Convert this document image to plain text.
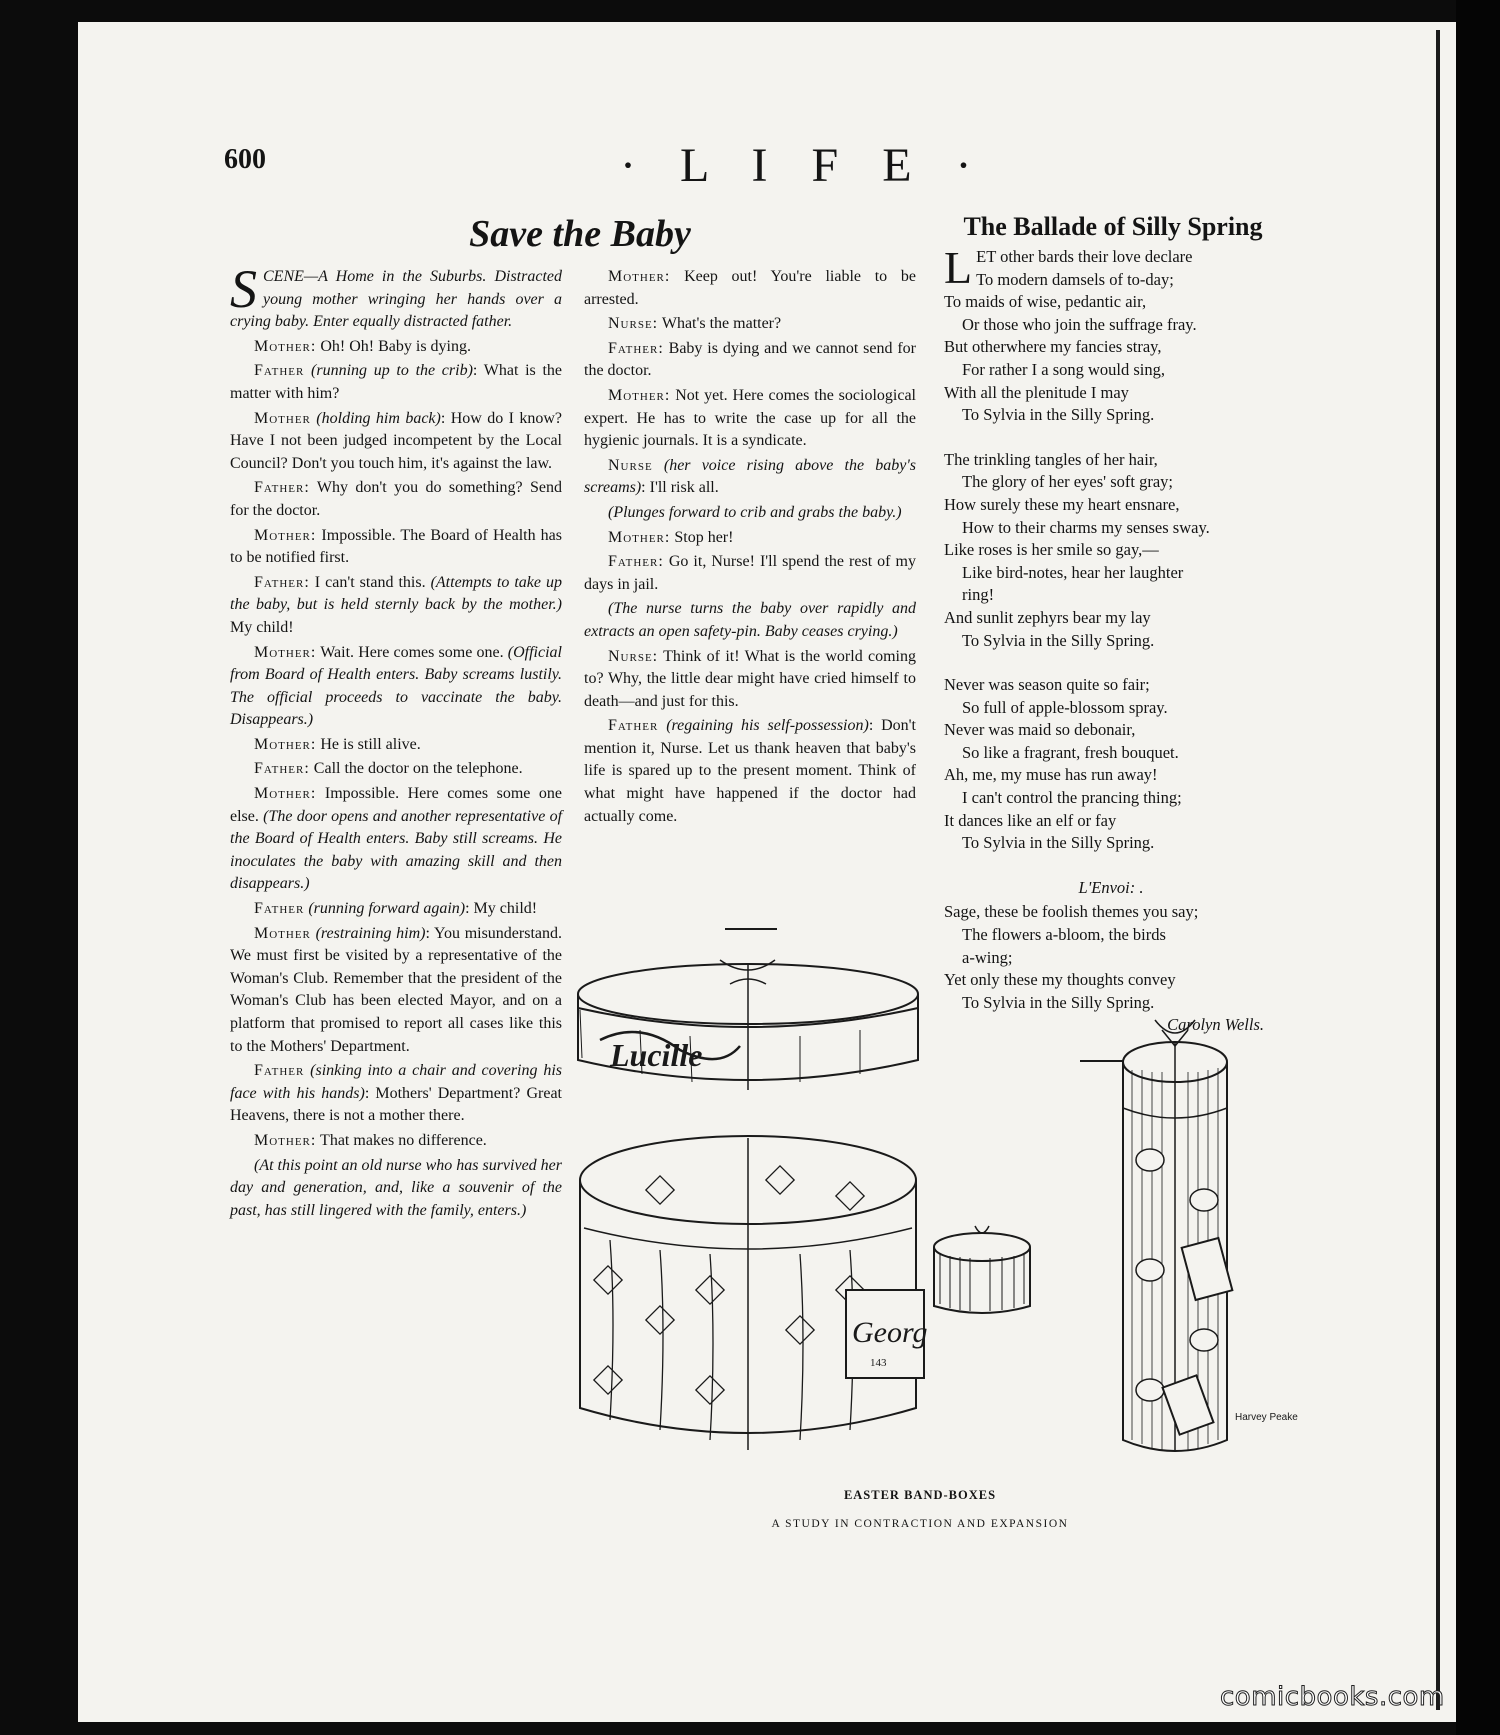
600	· L I F E ·
Save the Baby

SCENE—A Home in the Suburbs. Distracted young mother wringing her hands over a crying baby. Enter equally distracted father.

Mother: Oh! Oh! Baby is dying.

Father (running up to the crib): What is the matter with him?

Mother (holding him back): How do I know? Have I not been judged incompetent by the Local Council? Don't you touch him, it's against the law.

Father: Why don't you do something? Send for the doctor.

Mother: Impossible. The Board of Health has to be notified first.

Father: I can't stand this. (Attempts to take up the baby, but is held sternly back by the mother.) My child!

Mother: Wait. Here comes some one. (Official from Board of Health enters. Baby screams lustily. The official proceeds to vaccinate the baby. Disappears.)

Mother: He is still alive.

Father: Call the doctor on the telephone.

Mother: Impossible. Here comes some one else. (The door opens and another representative of the Board of Health enters. Baby still screams. He inoculates the baby with amazing skill and then disappears.)

Father (running forward again): My child!

Mother (restraining him): You misunderstand. We must first be visited by a representative of the Woman's Club. Remember that the president of the Woman's Club has been elected Mayor, and on a platform that promised to report all cases like this to the Mothers' Department.

Father (sinking into a chair and covering his face with his hands): Mothers' Department? Great Heavens, there is not a mother there.

Mother: That makes no difference.

(At this point an old nurse who has survived her day and generation, and, like a souvenir of the past, has still lingered with the family, enters.)

Mother: Keep out! You're liable to be arrested.

Nurse: What's the matter?

Father: Baby is dying and we cannot send for the doctor.

Mother: Not yet. Here comes the sociological expert. He has to write the case up for all the hygienic journals. It is a syndicate.

Nurse (her voice rising above the baby's screams): I'll risk all.

(Plunges forward to crib and grabs the baby.)

Mother: Stop her!

Father: Go it, Nurse! I'll spend the rest of my days in jail.

(The nurse turns the baby over rapidly and extracts an open safety-pin. Baby ceases crying.)

Nurse: Think of it! What is the world coming to? Why, the little dear might have cried himself to death—and just for this.

Father (regaining his self-possession): Don't mention it, Nurse. Let us thank heaven that baby's life is spared up to the present moment. Think of what might have happened if the doctor had actually come.

The Ballade of Silly Spring
LET other bards their love declare
To modern damsels of to-day;
To maids of wise, pedantic air,
Or those who join the suffrage fray.
But otherwhere my fancies stray,
For rather I a song would sing,
With all the plenitude I may
To Sylvia in the Silly Spring.
The trinkling tangles of her hair,
The glory of her eyes' soft gray;
How surely these my heart ensnare,
How to their charms my senses sway.
Like roses is her smile so gay,—
Like bird-notes, hear her laughter
ring!
And sunlit zephyrs bear my lay
To Sylvia in the Silly Spring.
Never was season quite so fair;
So full of apple-blossom spray.
Never was maid so debonair,
So like a fragrant, fresh bouquet.
Ah, me, my muse has run away!
I can't control the prancing thing;
It dances like an elf or fay
To Sylvia in the Silly Spring.
L'Envoi: .
Sage, these be foolish themes you say;
The flowers a-bloom, the birds
a-wing;
Yet only these my thoughts convey
To Sylvia in the Silly Spring.
Carolyn Wells.
Lucille
Georg
143
Harvey Peake
EASTER BAND-BOXES
A STUDY IN CONTRACTION AND EXPANSION
comicbooks.com
